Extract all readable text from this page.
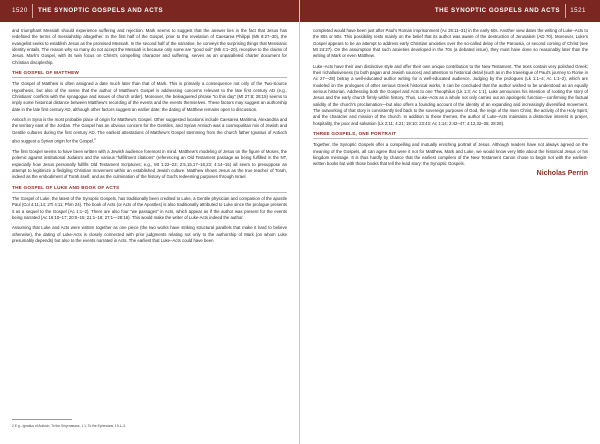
1520 THE SYNOPTIC GOSPELS AND ACTS	THE SYNOPTIC GOSPELS AND ACTS 1521

and triumphant Messiah should experience suffering and rejection. Mark seems to suggest that the answer lies in the fact that Jesus has redefined the terms of messiahship altogether. In the first half of the Gospel, prior to the revelation of Caesarea Philippi (Mk 8:27–30), the evangelist seeks to establish Jesus as the promised Messiah. In the second half of the narrative, he conveys the surprising things that Messianic identity entails. The reason why so many do not accept the Messiah is because only some are “good soil” (Mk 4:1–20), receptive to the claims of Jesus. Mark’s Gospel, with its twin focus on Christ’s compelling character and suffering, serves as an unparalleled charter document for Christian discipleship.

THE GOSPEL OF MATTHEW

The Gospel of Matthew is often assigned a date much later than that of Mark. This is primarily a consequence not only of the Two-Source Hypothesis, but also of the sense that the author of Matthew’s Gospel is addressing concerns relevant to the late first century AD (e.g., Christians’ conflicts with the synagogue and issues of church order). Moreover, the beleaguered phrase “to this day” (Mt 27:8; 28:15) seems to imply some historical distance between Matthew’s recording of the events and the events themselves. These factors may suggest an authorship date in the late first century AD, although other factors suggest an earlier date; the dating of Matthew remains open to discussion.

Antioch in Syria is the most probable place of origin for Matthew’s Gospel. Other suggested locations include Caesarea Maritima, Alexandria and the territory east of the Jordan. The Gospel has an obvious concern for the Gentiles, and Syrian Antioch was a cosmopolitan mix of Jewish and Gentile cultures during the first century AD. The earliest attestations of Matthew’s Gospel stemming from the church father Ignatius of Antioch also suggest a Syrian origin for the Gospel.$^2$

The first Gospel seems to have been written with a Jewish audience foremost in mind. Matthew’s modeling of Jesus on the figure of Moses, the polemic against institutional Judaism and the various “fulfillment citations” (referencing an Old Testament passage as being fulfilled in the NT, especially how Jesus personally fulfills Old Testament Scriptures; e.g., Mt 1:22–23; 2:5,15,17–18,23; 4:14–16) all seem to presuppose an attempt to legitimize a fledgling Christian movement within an established Jewish culture. Matthew shows Jesus as the true teacher of Torah, indeed as the embodiment of Torah itself, and as the culmination of the history of God’s redeeming purposes through Israel.

THE GOSPEL OF LUKE AND BOOK OF ACTS

The Gospel of Luke, the latest of the Synoptic Gospels, has traditionally been credited to Luke, a Gentile physician and companion of the apostle Paul (Col 4:11,14; 2Ti 4:11; Phm 24). The book of Acts (or Acts of the Apostles) is also traditionally attributed to Luke since the prologue presents it as a sequel to the Gospel (Ac 1:1–2). There are also four “we passages” in Acts, which appear as if the author was present for the events being narrated (Ac 16:10–17; 20:5–15; 21:1–18; 27:1—28:16). This would make the writer of Luke-Acts indeed the author.

Assuming that Luke and Acts were written together as one piece (the two works have striking structural parallels that make it hard to believe otherwise), the dating of Luke-Acts is closely connected with prior judgments relating not only to the authorship of Mark (on whom Luke presumably depends) but also to the events narrated in Acts. The earliest that Luke–Acts could have been

2 E.g., Ignatius of Antioch, To the Smyrnaeans, 1.1; To the Ephesians, 19.1–3.

completed would have been just after Paul’s Roman imprisonment (Ac 28:11–31) in the early 60s. Another view dates the writing of Luke–Acts to the 80s or 90s. This possibility rests mainly on the belief that its author was aware of the destruction of Jerusalem (AD 70). Moreover, Luke’s Gospel appears to be an attempt to address early Christian anxieties over the so-called delay of the Parousia, or second coming of Christ (see Mt 24:27). On the assumption that such anxieties developed in the 70s (a debated issue), they must have done so reasonably later than the writing of Mark or even Matthew.

Luke–Acts have their own distinctive style and offer their own unique contribution to the New Testament. The texts contain very polished Greek; their richallusiveness (to both pagan and Jewish sources) and attention to historical detail (such as in the travelogue of Paul’s journey to Rome in Ac 27—28) betray a well-educated author writing for a well-educated audience. Judging by the prologues (Lk 1:1–4; Ac 1:1–2), which are modeled on the prologues of other serious Greek historical works, it can be concluded that the author wished to be understood as an equally serious historian. Addressing both the Gospel and Acts to one Theophilus (Lk 1:3; Ac 1:1), Luke announces his intention of rooting the story of Jesus and the early church firmly within history. Thus, Luke–Acts as a whole not only carries out an apologetic function—confirming the factual validity of the church’s proclamation—but also offers a founding account of the identity of an expanding and increasingly diversified movement. The outworking of that story is consistently tied back to the sovereign purposes of God, the reign of the risen Christ, the activity of the Holy Spirit, and the character and mission of the church. In addition to these themes, the author of Luke–Acts maintains a distinctive interest in prayer, hospitality, the poor and salvation (Lk 2:11; 4:21; 19:10; 23:43; Ac 1:14; 2:42–47; 4:12,32–35; 28:28).

THREE GOSPELS, ONE PORTRAIT

Together, the Synoptic Gospels offer a compelling and mutually enriching portrait of Jesus. Although readers have not always agreed on the meaning of the Gospels, all can agree that were it not for Matthew, Mark and Luke, we would know very little about the historical Jesus or his kingdom message. It is thus hardly by chance that the earliest compilers of the New Testament Canon chose to begin not with the earliest-written books but with those books that tell the lead story: the Synoptic Gospels.

Nicholas Perrin
